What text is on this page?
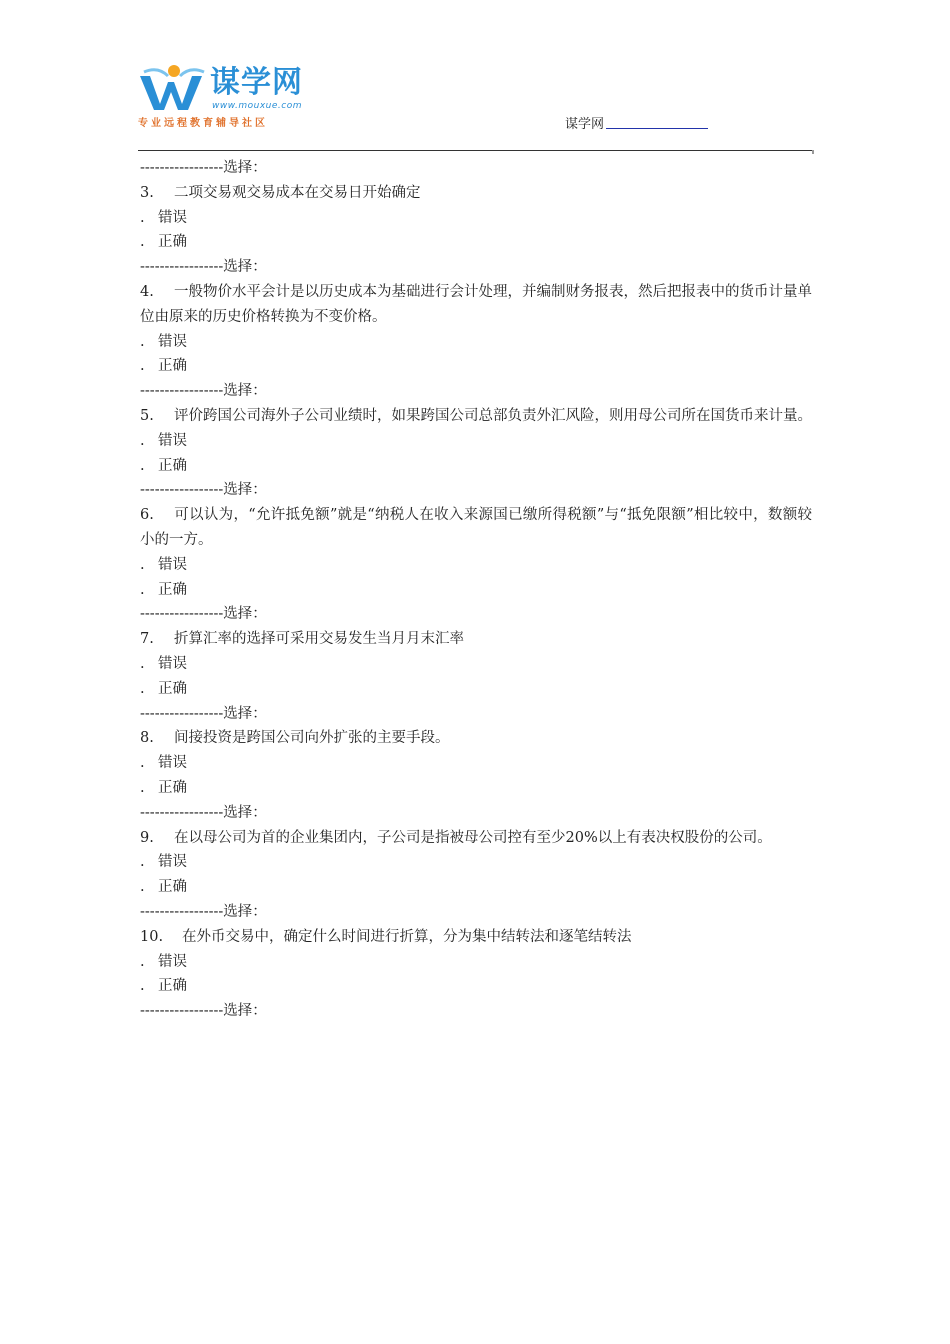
谋学网
www.mouxue.com
专业远程教育辅导社区	谋学网
-----------------选择：
3. 二项交易观交易成本在交易日开始确定
. 错误
. 正确
-----------------选择：
4. 一般物价水平会计是以历史成本为基础进行会计处理，并编制财务报表，然后把报表中的货币计量单位由原来的历史价格转换为不变价格。
. 错误
. 正确
-----------------选择：
5. 评价跨国公司海外子公司业绩时，如果跨国公司总部负责外汇风险，则用母公司所在国货币来计量。
. 错误
. 正确
-----------------选择：
6. 可以认为，“允许抵免额”就是“纳税人在收入来源国已缴所得税额”与“抵免限额”相比较中，数额较小的一方。
. 错误
. 正确
-----------------选择：
7. 折算汇率的选择可采用交易发生当月月末汇率
. 错误
. 正确
-----------------选择：
8. 间接投资是跨国公司向外扩张的主要手段。
. 错误
. 正确
-----------------选择：
9. 在以母公司为首的企业集团内，子公司是指被母公司控有至少20%以上有表决权股份的公司。
. 错误
. 正确
-----------------选择：
10. 在外币交易中，确定什么时间进行折算，分为集中结转法和逐笔结转法
. 错误
. 正确
-----------------选择：
